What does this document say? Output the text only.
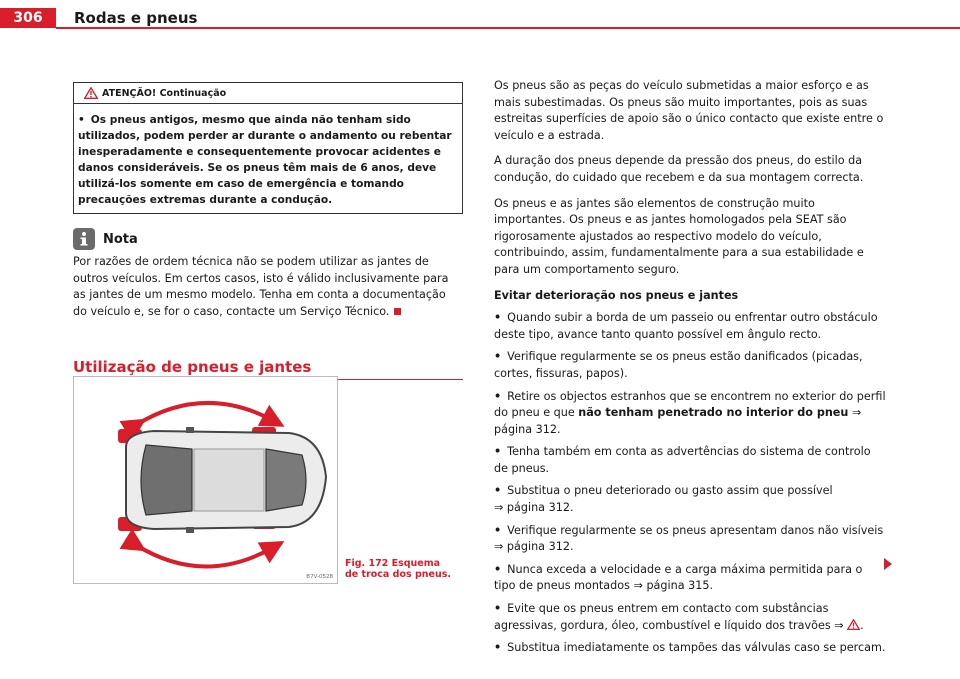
306	Rodas e pneus
ATENÇÃO! Continuação
• Os pneus antigos, mesmo que ainda não tenham sido utilizados, podem perder ar durante o andamento ou rebentar inesperadamente e consequentemente provocar acidentes e danos consideráveis. Se os pneus têm mais de 6 anos, deve utilizá-los somente em caso de emergência e tomando precauções extremas durante a condução.
Nota
Por razões de ordem técnica não se podem utilizar as jantes de outros veículos. Em certos casos, isto é válido inclusivamente para as jantes de um mesmo modelo. Tenha em conta a documentação do veículo e, se for o caso, contacte um Serviço Técnico.
Utilização de pneus e jantes
B7V-0528
Fig. 172 Esquema de troca dos pneus.

Os pneus são as peças do veículo submetidas a maior esforço e as mais subestimadas. Os pneus são muito importantes, pois as suas estreitas superfícies de apoio são o único contacto que existe entre o veículo e a estrada.

A duração dos pneus depende da pressão dos pneus, do estilo da condução, do cuidado que recebem e da sua montagem correcta.

Os pneus e as jantes são elementos de construção muito importantes. Os pneus e as jantes homologados pela SEAT são rigorosamente ajustados ao respectivo modelo do veículo, contribuindo, assim, fundamentalmente para a sua estabilidade e para um comportamento seguro.

Evitar deterioração nos pneus e jantes
• Quando subir a borda de um passeio ou enfrentar outro obstáculo deste tipo, avance tanto quanto possível em ângulo recto.
• Verifique regularmente se os pneus estão danificados (picadas, cortes, fissuras, papos).
• Retire os objectos estranhos que se encontrem no exterior do perfil do pneu e que não tenham penetrado no interior do pneu ⇒ página 312.
• Tenha também em conta as advertências do sistema de controlo de pneus.
• Substitua o pneu deteriorado ou gasto assim que possível
⇒ página 312.
• Verifique regularmente se os pneus apresentam danos não visíveis
⇒ página 312.
• Nunca exceda a velocidade e a carga máxima permitida para o tipo de pneus montados ⇒ página 315.
• Evite que os pneus entrem em contacto com substâncias agressivas, gordura, óleo, combustível e líquido dos travões ⇒ .
• Substitua imediatamente os tampões das válvulas caso se percam.
